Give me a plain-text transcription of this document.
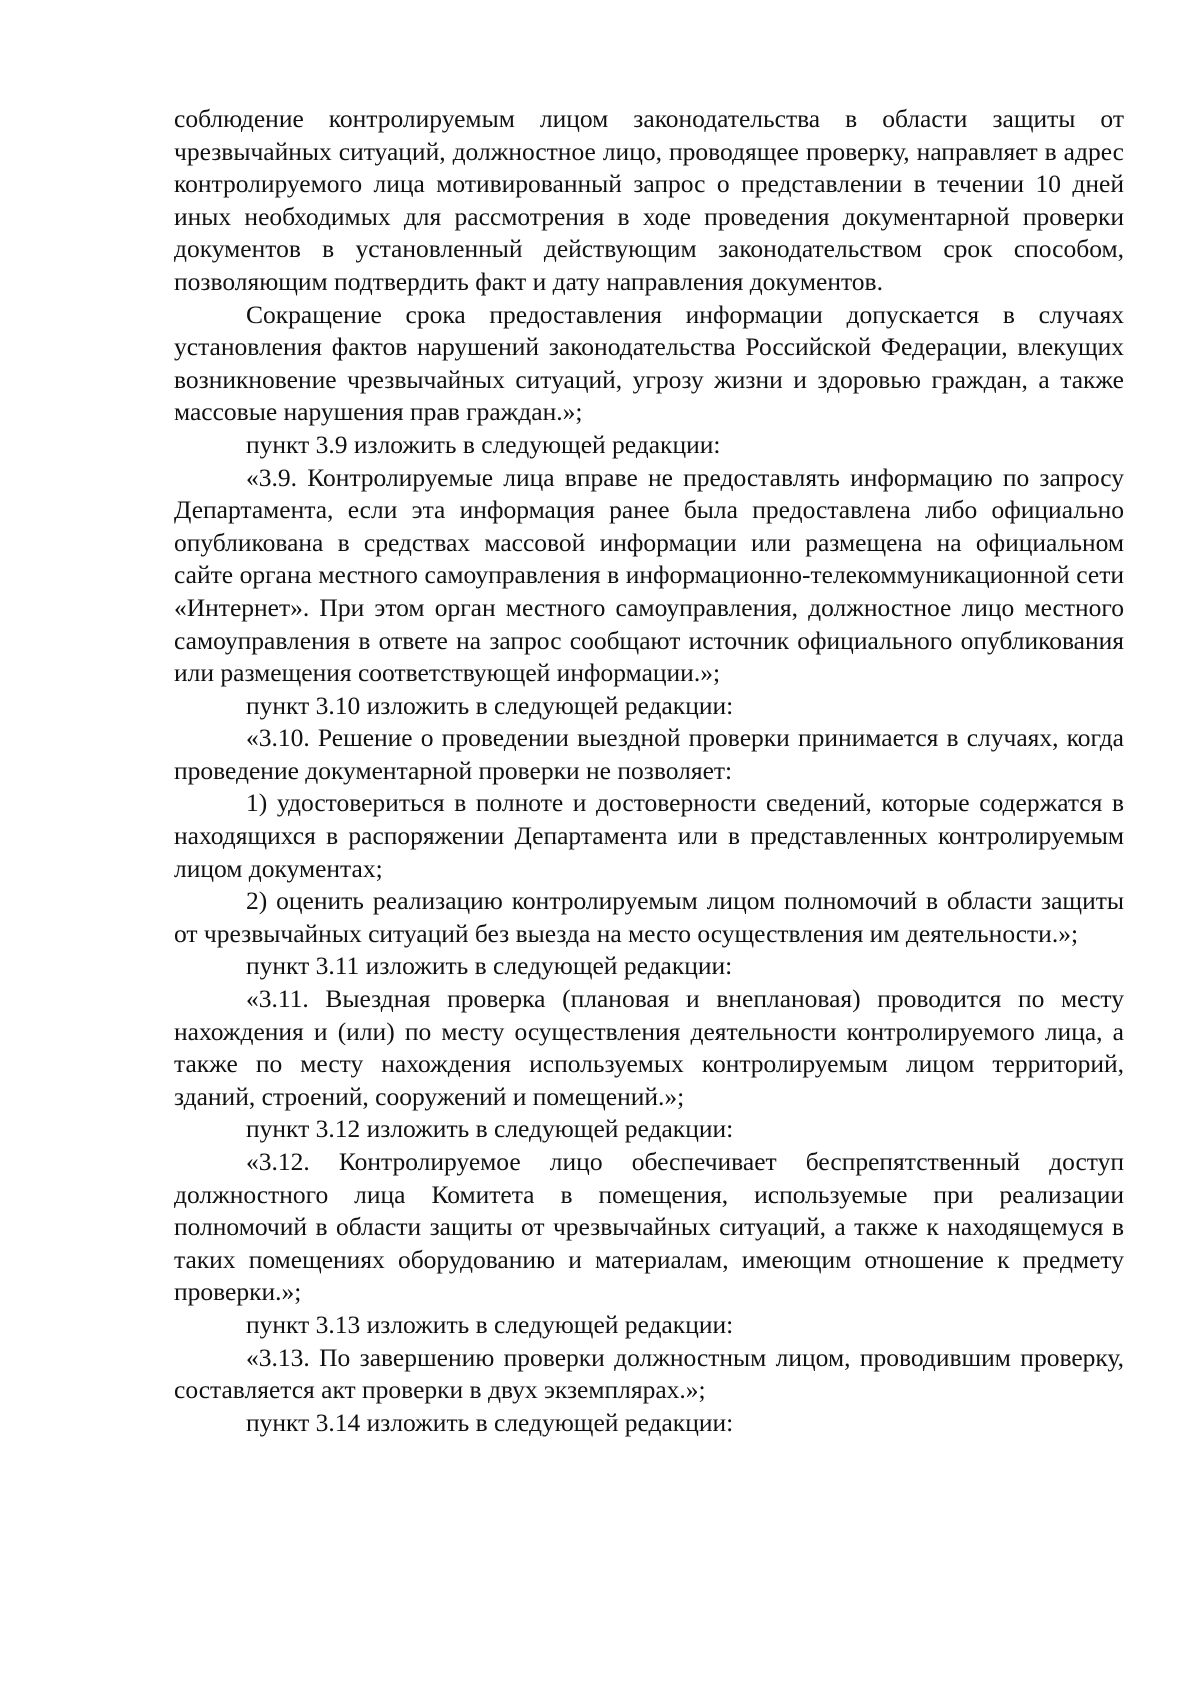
соблюдение контролируемым лицом законодательства в области защиты от чрезвычайных ситуаций, должностное лицо, проводящее проверку, направляет в адрес контролируемого лица мотивированный запрос о представлении в течении 10 дней иных необходимых для рассмотрения в ходе проведения документарной проверки документов в установленный действующим законодательством срок способом, позволяющим подтвердить факт и дату направления документов.

Сокращение срока предоставления информации допускается в случаях установления фактов нарушений законодательства Российской Федерации, влекущих возникновение чрезвычайных ситуаций, угрозу жизни и здоровью граждан, а также массовые нарушения прав граждан.»;

пункт 3.9 изложить в следующей редакции:

«3.9. Контролируемые лица вправе не предоставлять информацию по запросу Департамента, если эта информация ранее была предоставлена либо официально опубликована в средствах массовой информации или размещена на официальном сайте органа местного самоуправления в информационно-телекоммуникационной сети «Интернет». При этом орган местного самоуправления, должностное лицо местного самоуправления в ответе на запрос сообщают источник официального опубликования или размещения соответствующей информации.»;

пункт 3.10 изложить в следующей редакции:

«3.10. Решение о проведении выездной проверки принимается в случаях, когда проведение документарной проверки не позволяет:

1) удостовериться в полноте и достоверности сведений, которые содержатся в находящихся в распоряжении Департамента или в представленных контролируемым лицом документах;

2) оценить реализацию контролируемым лицом полномочий в области защиты от чрезвычайных ситуаций без выезда на место осуществления им деятельности.»;

пункт 3.11 изложить в следующей редакции:

«3.11. Выездная проверка (плановая и внеплановая) проводится по месту нахождения и (или) по месту осуществления деятельности контролируемого лица, а также по месту нахождения используемых контролируемым лицом территорий, зданий, строений, сооружений и помещений.»;

пункт 3.12 изложить в следующей редакции:

«3.12. Контролируемое лицо обеспечивает беспрепятственный доступ должностного лица Комитета в помещения, используемые при реализации полномочий в области защиты от чрезвычайных ситуаций, а также к находящемуся в таких помещениях оборудованию и материалам, имеющим отношение к предмету проверки.»;

пункт 3.13 изложить в следующей редакции:

«3.13. По завершению проверки должностным лицом, проводившим проверку, составляется акт проверки в двух экземплярах.»;

пункт 3.14 изложить в следующей редакции:
